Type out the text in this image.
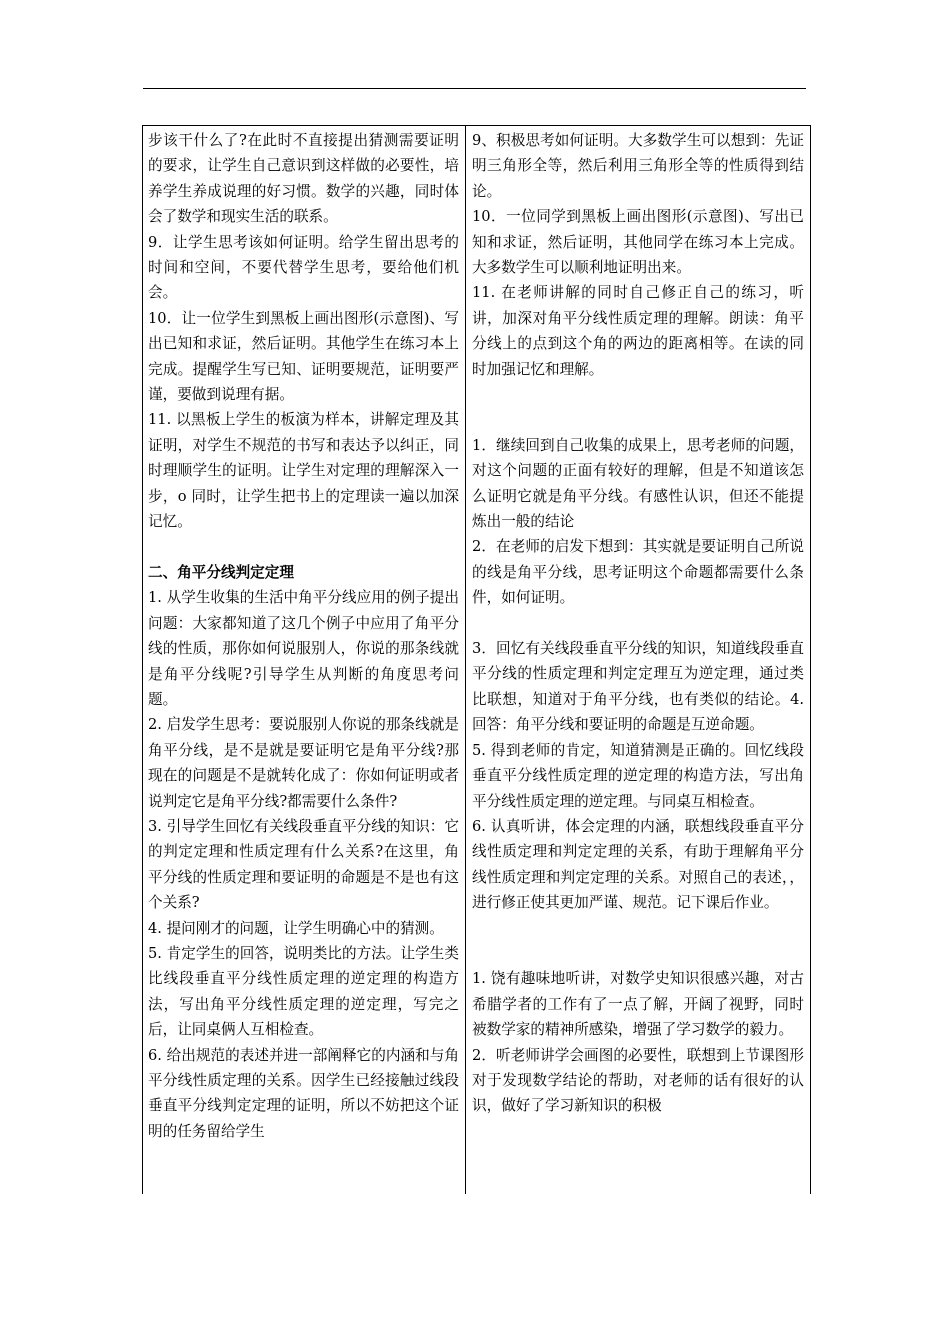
步该干什么了?在此时不直接提出猜测需要证明的要求，让学生自己意识到这样做的必要性，培养学生养成说理的好习惯。数学的兴趣，同时体会了数学和现实生活的联系。

9．让学生思考该如何证明。给学生留出思考的时间和空间，不要代替学生思考，要给他们机会。

10．让一位学生到黑板上画出图形(示意图)、写出已知和求证，然后证明。其他学生在练习本上完成。提醒学生写已知、证明要规范，证明要严谨，要做到说理有据。

11. 以黑板上学生的板演为样本，讲解定理及其证明，对学生不规范的书写和表达予以纠正，同时理顺学生的证明。让学生对定理的理解深入一步，o 同时，让学生把书上的定理读一遍以加深记忆。

二、角平分线判定定理

1. 从学生收集的生活中角平分线应用的例子提出问题：大家都知道了这几个例子中应用了角平分线的性质，那你如何说服别人，你说的那条线就是角平分线呢?引导学生从判断的角度思考问题。

2. 启发学生思考：要说服别人你说的那条线就是角平分线，是不是就是要证明它是角平分线?那现在的问题是不是就转化成了：你如何证明或者说判定它是角平分线?都需要什么条件?

3. 引导学生回忆有关线段垂直平分线的知识：它的判定定理和性质定理有什么关系?在这里，角平分线的性质定理和要证明的命题是不是也有这个关系?

4. 提问刚才的问题，让学生明确心中的猜测。

5. 肯定学生的回答，说明类比的方法。让学生类比线段垂直平分线性质定理的逆定理的构造方法，写出角平分线性质定理的逆定理，写完之后，让同桌俩人互相检查。

6. 给出规范的表述并进一部阐释它的内涵和与角平分线性质定理的关系。因学生已经接触过线段垂直平分线判定定理的证明，所以不妨把这个证明的任务留给学生

9、积极思考如何证明。大多数学生可以想到：先证明三角形全等，然后利用三角形全等的性质得到结论。

10．一位同学到黑板上画出图形(示意图)、写出已知和求证，然后证明，其他同学在练习本上完成。大多数学生可以顺利地证明出来。

11. 在老师讲解的同时自己修正自己的练习，听讲，加深对角平分线性质定理的理解。朗读：角平分线上的点到这个角的两边的距离相等。在读的同时加强记忆和理解。

1．继续回到自己收集的成果上，思考老师的问题，对这个问题的正面有较好的理解，但是不知道该怎么证明它就是角平分线。有感性认识，但还不能提炼出一般的结论

2．在老师的启发下想到：其实就是要证明自己所说的线是角平分线，思考证明这个命题都需要什么条件，如何证明。

3．回忆有关线段垂直平分线的知识，知道线段垂直平分线的性质定理和判定定理互为逆定理，通过类比联想，知道对于角平分线，也有类似的结论。4. 回答：角平分线和要证明的命题是互逆命题。

5. 得到老师的肯定，知道猜测是正确的。回忆线段垂直平分线性质定理的逆定理的构造方法，写出角平分线性质定理的逆定理。与同桌互相检查。

6. 认真听讲，体会定理的内涵，联想线段垂直平分线性质定理和判定定理的关系，有助于理解角平分线性质定理和判定定理的关系。对照自己的表述，，进行修正使其更加严谨、规范。记下课后作业。

1. 饶有趣味地听讲，对数学史知识很感兴趣，对古希腊学者的工作有了一点了解，开阔了视野，同时被数学家的精神所感染，增强了学习数学的毅力。

2．听老师讲学会画图的必要性，联想到上节课图形对于发现数学结论的帮助，对老师的话有很好的认识，做好了学习新知识的积极
